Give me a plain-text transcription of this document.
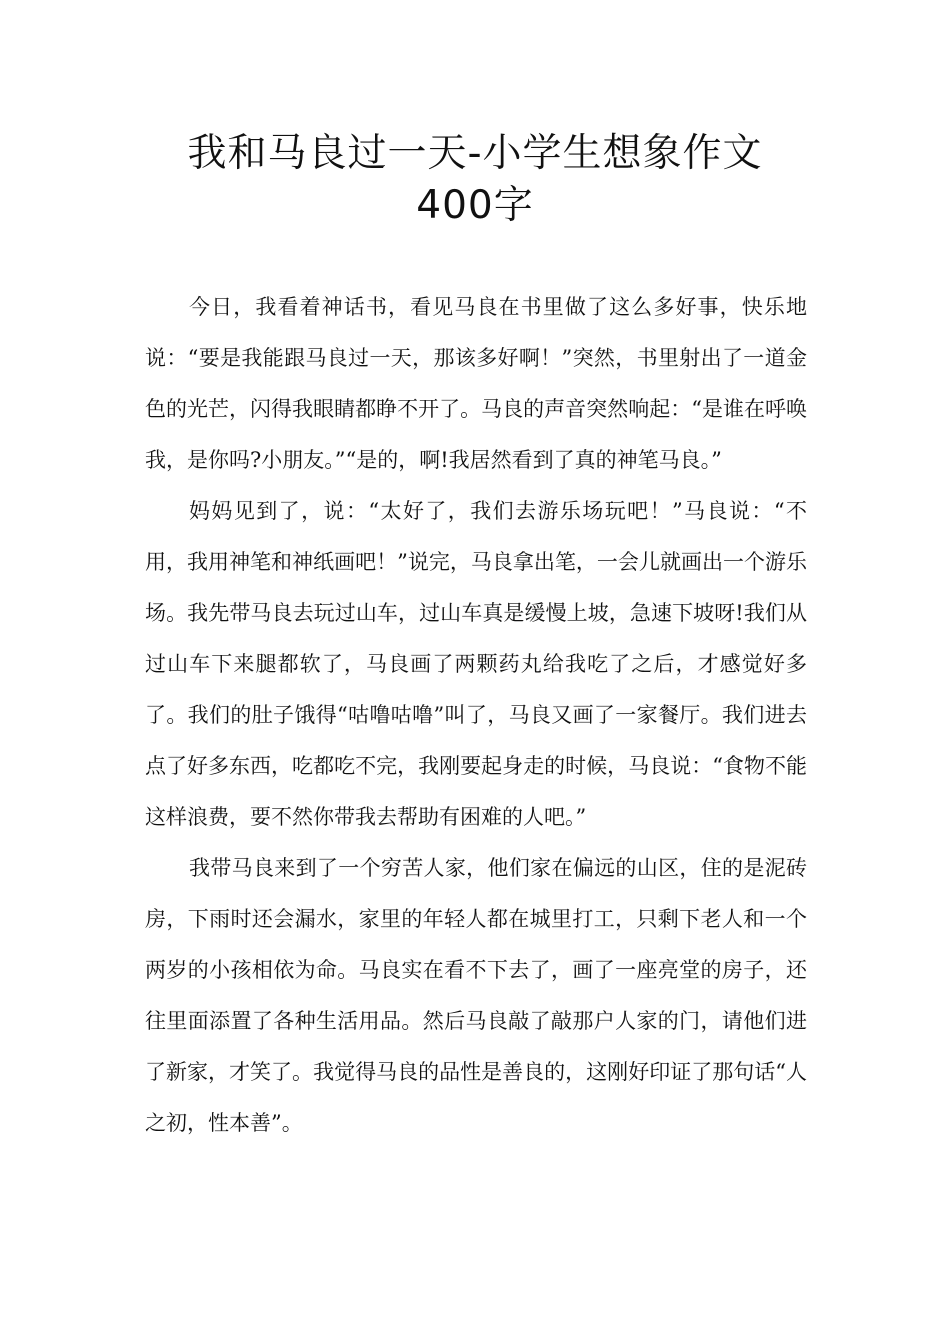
我和马良过一天-小学生想象作文400字

今日，我看着神话书，看见马良在书里做了这么多好事，快乐地说：“要是我能跟马良过一天，那该多好啊！”突然，书里射出了一道金色的光芒，闪得我眼睛都睁不开了。马良的声音突然响起：“是谁在呼唤我，是你吗?小朋友。”“是的，啊!我居然看到了真的神笔马良。”

妈妈见到了，说：“太好了，我们去游乐场玩吧！”马良说：“不用，我用神笔和神纸画吧！”说完，马良拿出笔，一会儿就画出一个游乐场。我先带马良去玩过山车，过山车真是缓慢上坡，急速下坡呀!我们从过山车下来腿都软了，马良画了两颗药丸给我吃了之后，才感觉好多了。我们的肚子饿得“咕噜咕噜”叫了，马良又画了一家餐厅。我们进去点了好多东西，吃都吃不完，我刚要起身走的时候，马良说：“食物不能这样浪费，要不然你带我去帮助有困难的人吧。”

我带马良来到了一个穷苦人家，他们家在偏远的山区，住的是泥砖房，下雨时还会漏水，家里的年轻人都在城里打工，只剩下老人和一个两岁的小孩相依为命。马良实在看不下去了，画了一座亮堂的房子，还往里面添置了各种生活用品。然后马良敲了敲那户人家的门，请他们进了新家，才笑了。我觉得马良的品性是善良的，这刚好印证了那句话“人之初，性本善”。
